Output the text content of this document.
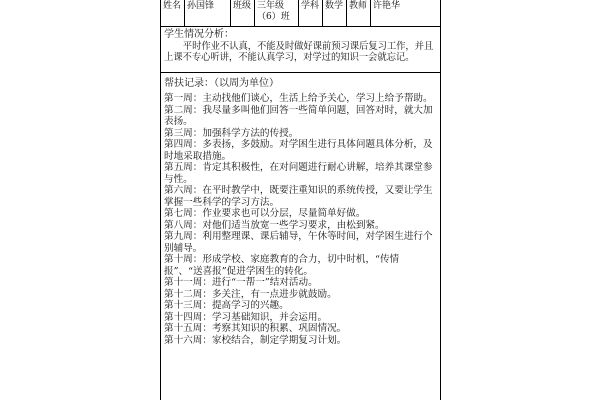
姓名 孙国锋	班级 三年级（6）班
学科 数学 教师 许艳华
学生情况分析：
平时作业不认真，不能及时做好课前预习课后复习工作，并且上课不专心听讲，不能认真学习，对学过的知识一会就忘记。
帮扶记录：（以周为单位）

第一周：主动找他们谈心，生活上给予关心，学习上给予帮助。

第二周：我尽量多叫他们回答一些简单问题，回答对时，就大加表扬。

第三周：加强科学方法的传授。

第四周：多表扬，多鼓励。对学困生进行具体问题具体分析，及时地采取措施。

第五周：肯定其积极性，在对问题进行耐心讲解，培养其课堂参与性。

第六周：在平时教学中，既要注重知识的系统传授，又要让学生掌握一些科学的学习方法。

第七周：作业要求也可以分层，尽量简单好做。

第八周：对他们适当放宽一些学习要求，由松到紧。

第九周：利用整理课、课后辅导，午休等时间，对学困生进行个别辅导。

第十周：形成学校、家庭教育的合力，切中时机，“传情报”、“送喜报”促进学困生的转化。

第十一周：进行“一帮一”结对活动。

第十二周：多关注，有一点进步就鼓励。

第十三周：提高学习的兴趣。

第十四周：学习基础知识，并会运用。

第十五周：考察其知识的积累、巩固情况。

第十六周：家校结合，制定学期复习计划。
